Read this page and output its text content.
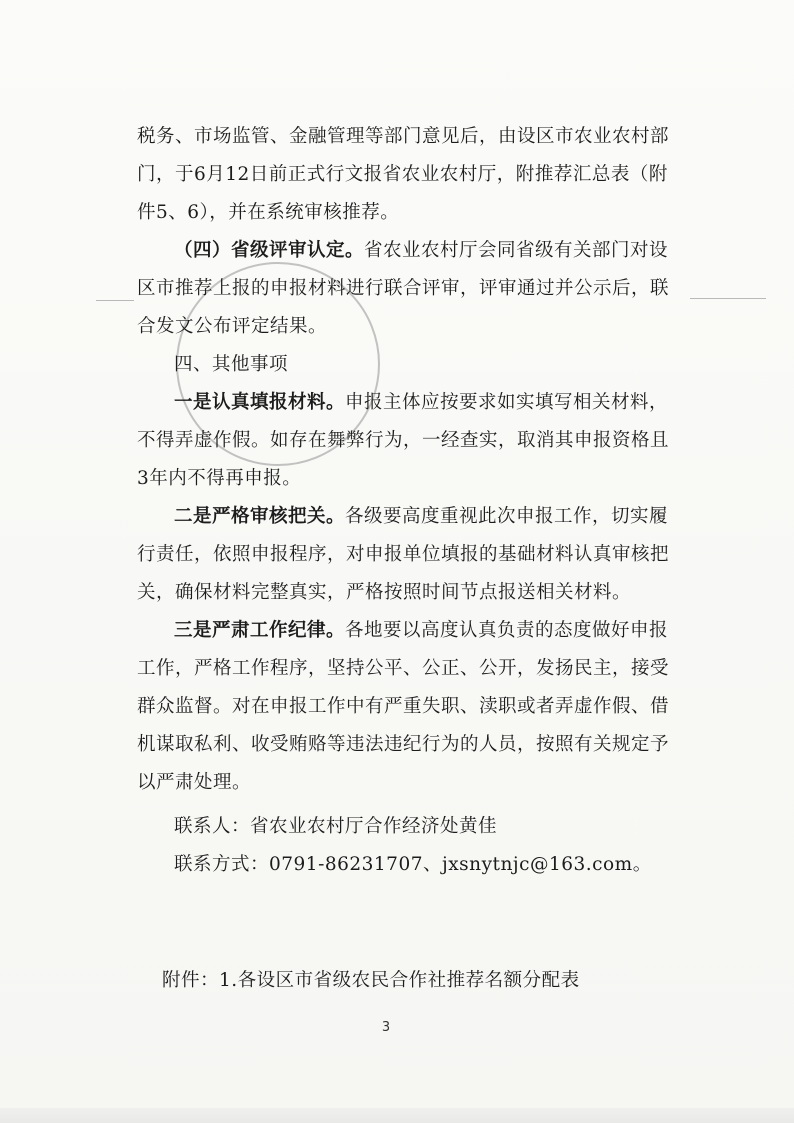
税务、市场监管、金融管理等部门意见后，由设区市农业农村部门，于6月12日前正式行文报省农业农村厅，附推荐汇总表（附件5、6），并在系统审核推荐。

（四）省级评审认定。省农业农村厅会同省级有关部门对设区市推荐上报的申报材料进行联合评审，评审通过并公示后，联合发文公布评定结果。

四、其他事项

一是认真填报材料。申报主体应按要求如实填写相关材料，不得弄虚作假。如存在舞弊行为，一经查实，取消其申报资格且3年内不得再申报。

二是严格审核把关。各级要高度重视此次申报工作，切实履行责任，依照申报程序，对申报单位填报的基础材料认真审核把关，确保材料完整真实，严格按照时间节点报送相关材料。

三是严肃工作纪律。各地要以高度认真负责的态度做好申报工作，严格工作程序，坚持公平、公正、公开，发扬民主，接受群众监督。对在申报工作中有严重失职、渎职或者弄虚作假、借机谋取私利、收受贿赂等违法违纪行为的人员，按照有关规定予以严肃处理。

联系人：省农业农村厅合作经济处黄佳

联系方式：0791-86231707、jxsnytnjc@163.com。

附件：1.各设区市省级农民合作社推荐名额分配表
3
